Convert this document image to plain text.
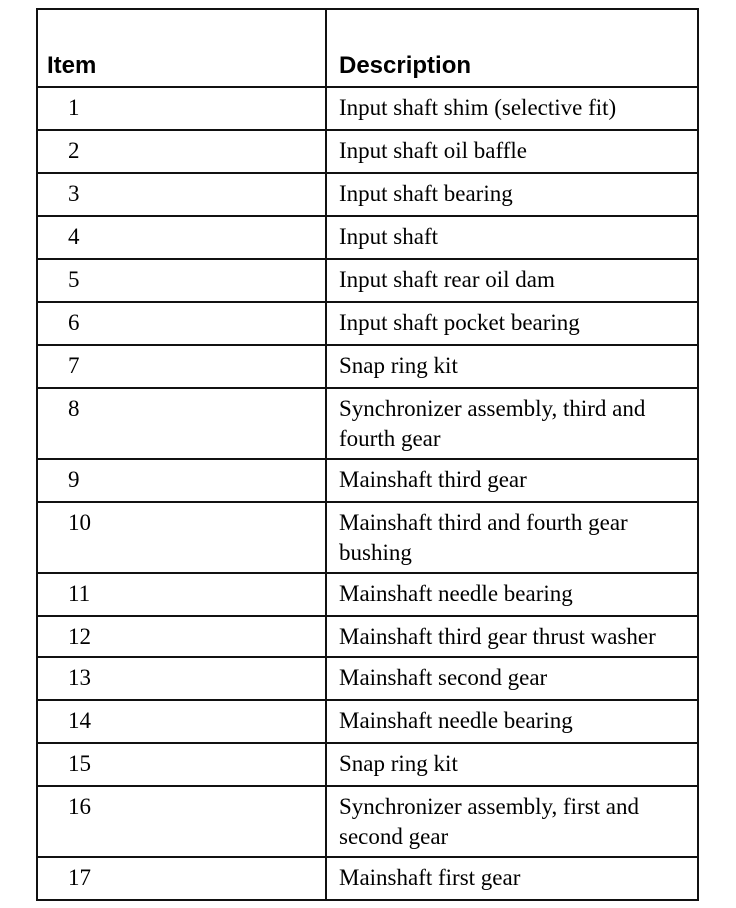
Item	Description
1	Input shaft shim (selective fit)
2	Input shaft oil baffle
3	Input shaft bearing
4	Input shaft
5	Input shaft rear oil dam
6	Input shaft pocket bearing
7	Snap ring kit
8	Synchronizer assembly, third and fourth gear
9	Mainshaft third gear
10	Mainshaft third and fourth gear bushing
11	Mainshaft needle bearing
12	Mainshaft third gear thrust washer
13	Mainshaft second gear
14	Mainshaft needle bearing
15	Snap ring kit
16	Synchronizer assembly, first and second gear
17	Mainshaft first gear
